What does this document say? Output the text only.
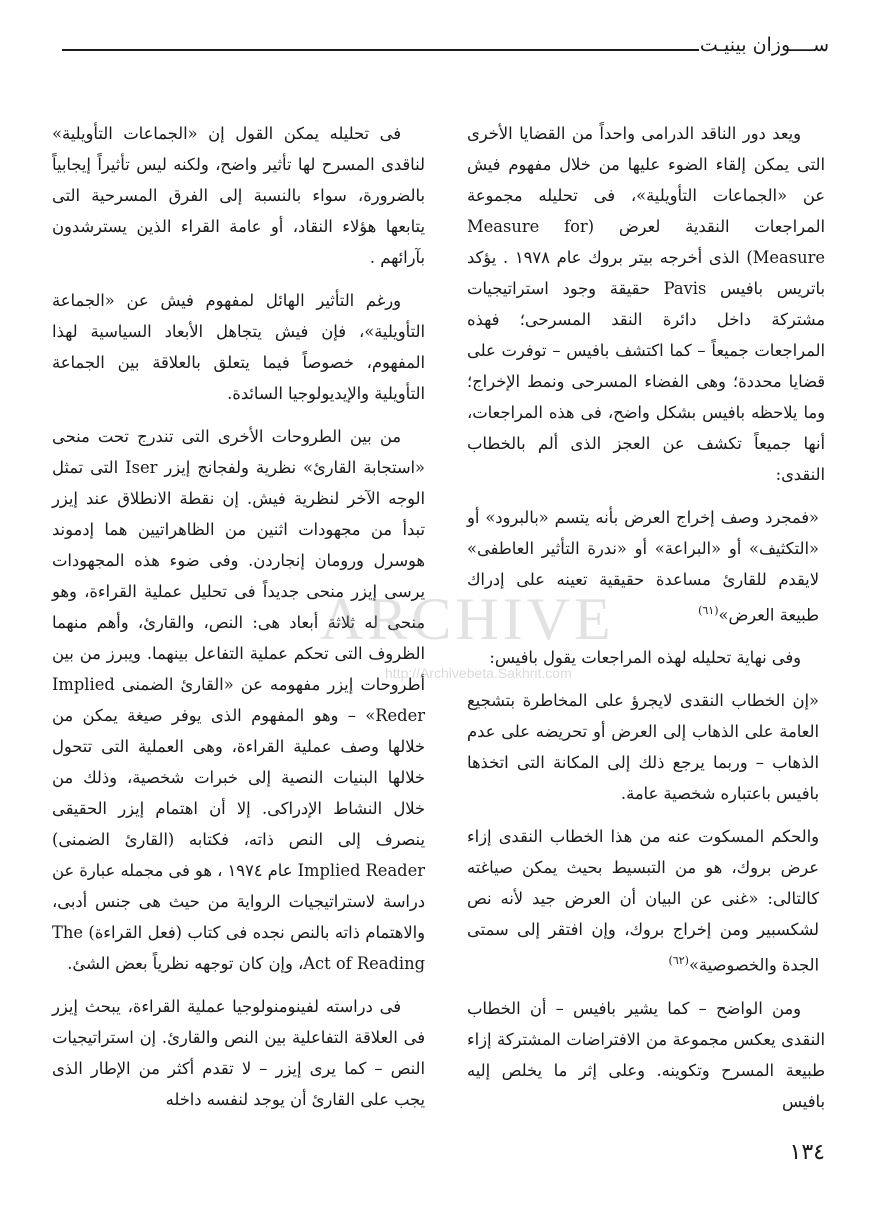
ســــوزان بينيـت

ويعد دور الناقد الدرامى واحداً من القضايا الأخرى التى يمكن إلقاء الضوء عليها من خلال مفهوم فيش عن «الجماعات التأويلية»، فى تحليله مجموعة المراجعات النقدية لعرض (Measure for Measure) الذى أخرجه بيتر بروك عام ١٩٧٨ . يؤكد باتريس بافيس Pavis حقيقة وجود استراتيجيات مشتركة داخل دائرة النقد المسرحى؛ فهذه المراجعات جميعاً – كما اكتشف بافيس – توفرت على قضايا محددة؛ وهى الفضاء المسرحى ونمط الإخراج؛ وما يلاحظه بافيس بشكل واضح، فى هذه المراجعات، أنها جميعاً تكشف عن العجز الذى ألم بالخطاب النقدى:

«فمجرد وصف إخراج العرض بأنه يتسم «بالبرود» أو «التكثيف» أو «البراعة» أو «ندرة التأثير العاطفى» لايقدم للقارئ مساعدة حقيقية تعينه على إدراك طبيعة العرض»$^{(٦١)}$

وفى نهاية تحليله لهذه المراجعات يقول بافيس:

«إن الخطاب النقدى لايجرؤ على المخاطرة بتشجيع العامة على الذهاب إلى العرض أو تحريضه على عدم الذهاب – وربما يرجع ذلك إلى المكانة التى اتخذها بافيس باعتباره شخصية عامة.

والحكم المسكوت عنه من هذا الخطاب النقدى إزاء عرض بروك، هو من التبسيط بحيث يمكن صياغته كالتالى: «غنى عن البيان أن العرض جيد لأنه نص لشكسبير ومن إخراج بروك، وإن افتقر إلى سمتى الجدة والخصوصية»$^{(٦٢)}$

ومن الواضح – كما يشير بافيس – أن الخطاب النقدى يعكس مجموعة من الافتراضات المشتركة إزاء طبيعة المسرح وتكوينه. وعلى إثر ما يخلص إليه بافيس

فى تحليله يمكن القول إن «الجماعات التأويلية» لناقدى المسرح لها تأثير واضح، ولكنه ليس تأثيراً إيجابياً بالضرورة، سواء بالنسبة إلى الفرق المسرحية التى يتابعها هؤلاء النقاد، أو عامة القراء الذين يسترشدون بآرائهم .

ورغم التأثير الهائل لمفهوم فيش عن «الجماعة التأويلية»، فإن فيش يتجاهل الأبعاد السياسية لهذا المفهوم، خصوصاً فيما يتعلق بالعلاقة بين الجماعة التأويلية والإيديولوجيا السائدة.

من بين الطروحات الأخرى التى تندرج تحت منحى «استجابة القارئ» نظرية ولفجانج إيزر Iser التى تمثل الوجه الآخر لنظرية فيش. إن نقطة الانطلاق عند إيزر تبدأ من مجهودات اثنين من الظاهراتيين هما إدموند هوسرل ورومان إنجاردن. وفى ضوء هذه المجهودات يرسى إيزر منحى جديداً فى تحليل عملية القراءة، وهو منحى له ثلاثة أبعاد هى: النص، والقارئ، وأهم منهما الظروف التى تحكم عملية التفاعل بينهما. ويبرز من بين أطروحات إيزر مفهومه عن «القارئ الضمنى Implied Reder» – وهو المفهوم الذى يوفر صيغة يمكن من خلالها وصف عملية القراءة، وهى العملية التى تتحول خلالها البنيات النصية إلى خبرات شخصية، وذلك من خلال النشاط الإدراكى. إلا أن اهتمام إيزر الحقيقى ينصرف إلى النص ذاته، فكتابه (القارئ الضمنى) Implied Reader عام ١٩٧٤ ، هو فى مجمله عبارة عن دراسة لاستراتيجيات الرواية من حيث هى جنس أدبى، والاهتمام ذاته بالنص نجده فى كتاب (فعل القراءة) The Act of Reading، وإن كان توجهه نظرياً بعض الشئ.

فى دراسته لفينومنولوجيا عملية القراءة، يبحث إيزر فى العلاقة التفاعلية بين النص والقارئ. إن استراتيجيات النص – كما يرى إيزر – لا تقدم أكثر من الإطار الذى يجب على القارئ أن يوجد لنفسه داخله

ARCHIVE
http://Archivebeta.Sakhrit.com
١٣٤
